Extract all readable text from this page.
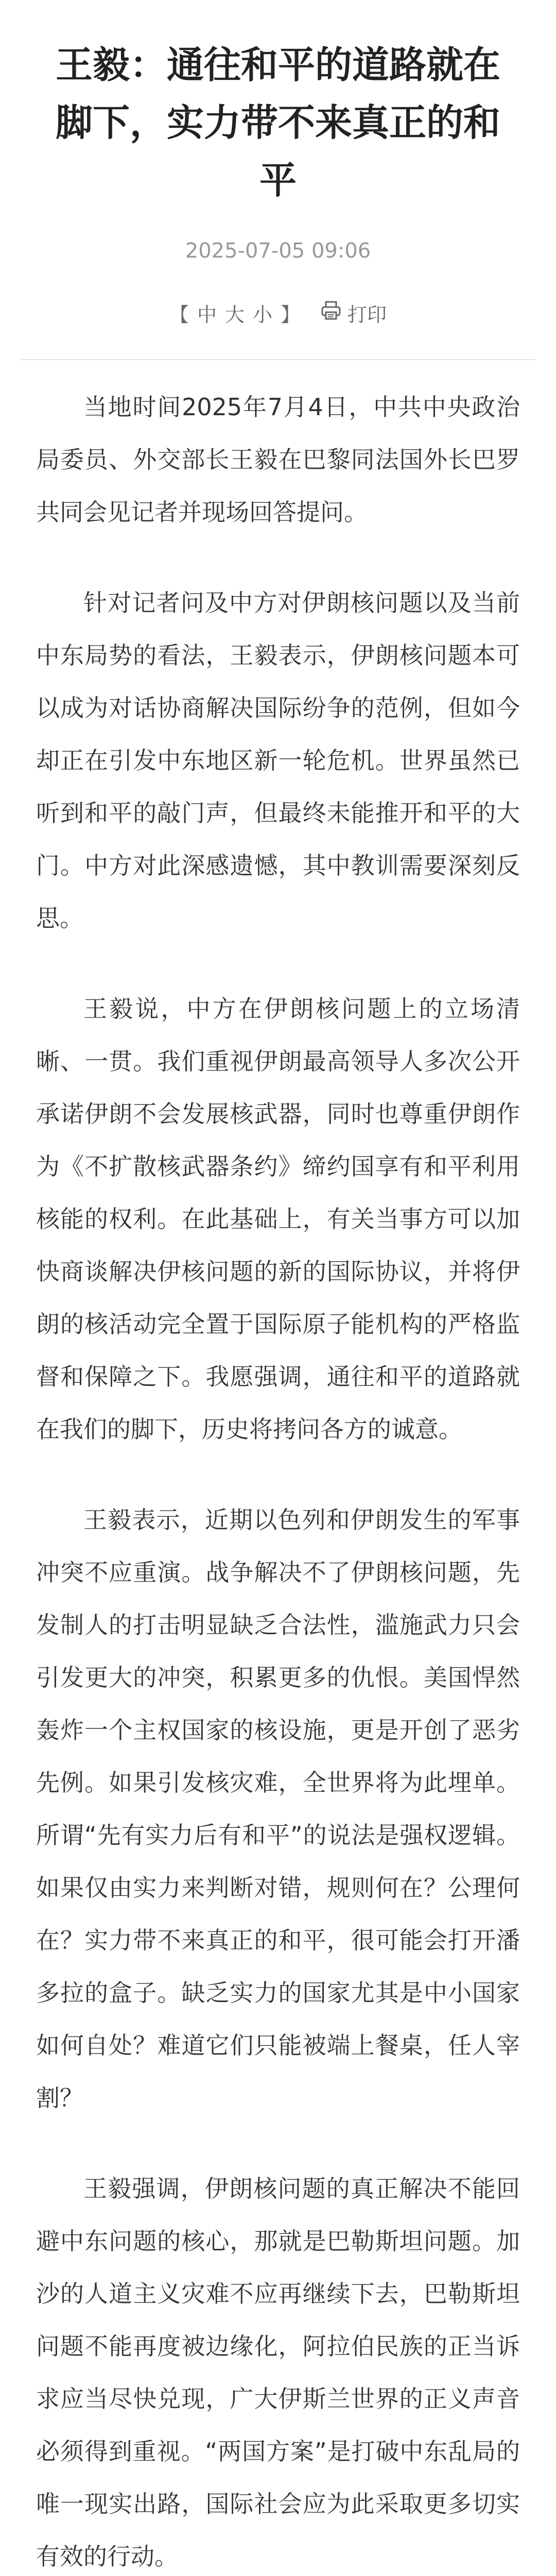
王毅：通往和平的道路就在脚下，实力带不来真正的和平
2025-07-05 09:06
【 中 大 小 】 打印

当地时间2025年7月4日，中共中央政治局委员、外交部长王毅在巴黎同法国外长巴罗共同会见记者并现场回答提问。

针对记者问及中方对伊朗核问题以及当前中东局势的看法，王毅表示，伊朗核问题本可以成为对话协商解决国际纷争的范例，但如今却正在引发中东地区新一轮危机。世界虽然已听到和平的敲门声，但最终未能推开和平的大门。中方对此深感遗憾，其中教训需要深刻反思。

王毅说，中方在伊朗核问题上的立场清晰、一贯。我们重视伊朗最高领导人多次公开承诺伊朗不会发展核武器，同时也尊重伊朗作为《不扩散核武器条约》缔约国享有和平利用核能的权利。在此基础上，有关当事方可以加快商谈解决伊核问题的新的国际协议，并将伊朗的核活动完全置于国际原子能机构的严格监督和保障之下。我愿强调，通往和平的道路就在我们的脚下，历史将拷问各方的诚意。

王毅表示，近期以色列和伊朗发生的军事冲突不应重演。战争解决不了伊朗核问题，先发制人的打击明显缺乏合法性，滥施武力只会引发更大的冲突，积累更多的仇恨。美国悍然轰炸一个主权国家的核设施，更是开创了恶劣先例。如果引发核灾难，全世界将为此埋单。所谓“先有实力后有和平”的说法是强权逻辑。如果仅由实力来判断对错，规则何在？公理何在？实力带不来真正的和平，很可能会打开潘多拉的盒子。缺乏实力的国家尤其是中小国家如何自处？难道它们只能被端上餐桌，任人宰割？

王毅强调，伊朗核问题的真正解决不能回避中东问题的核心，那就是巴勒斯坦问题。加沙的人道主义灾难不应再继续下去，巴勒斯坦问题不能再度被边缘化，阿拉伯民族的正当诉求应当尽快兑现，广大伊斯兰世界的正义声音必须得到重视。“两国方案”是打破中东乱局的唯一现实出路，国际社会应为此采取更多切实有效的行动。
